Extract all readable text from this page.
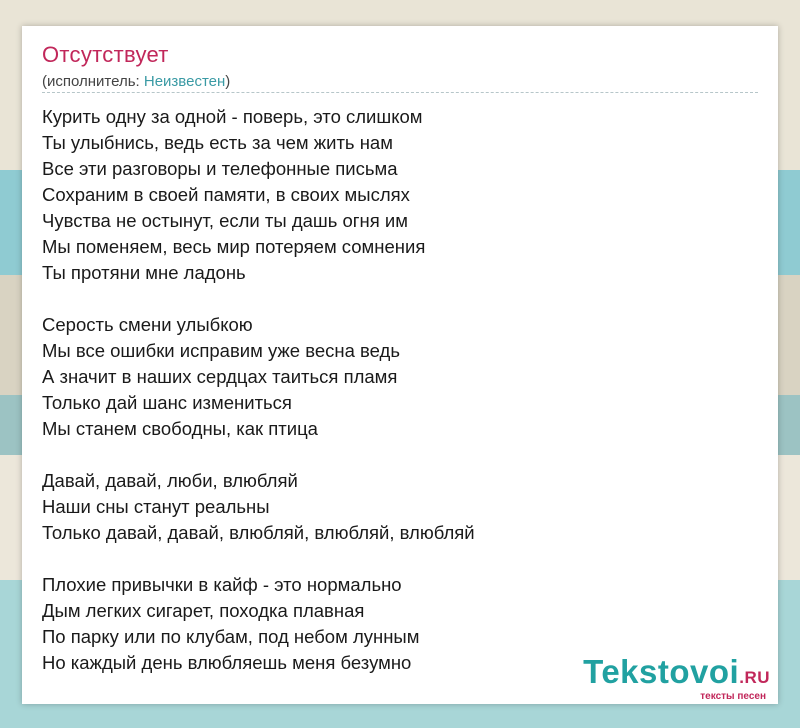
Отсутствует
(исполнитель: Неизвестен)
Курить одну за одной - поверь, это слишком
Ты улыбнись, ведь есть за чем жить нам
Все эти разговоры и телефонные письма
Сохраним в своей памяти, в своих мыслях
Чувства не остынут, если ты дашь огня им
Мы поменяем, весь мир потеряем сомнения
Ты протяни мне ладонь
Серость смени улыбкою
Мы все ошибки исправим уже весна ведь
А значит в наших сердцах таиться пламя
Только дай шанс измениться
Мы станем свободны, как птица
Давай, давай, люби, влюбляй
Наши сны станут реальны
Только давай, давай, влюбляй, влюбляй, влюбляй
Плохие привычки в кайф - это нормально
Дым легких сигарет, походка плавная
По парку или по клубам, под небом лунным
Но каждый день влюбляешь меня безумно	Tekstovoi.RU
тексты песен
